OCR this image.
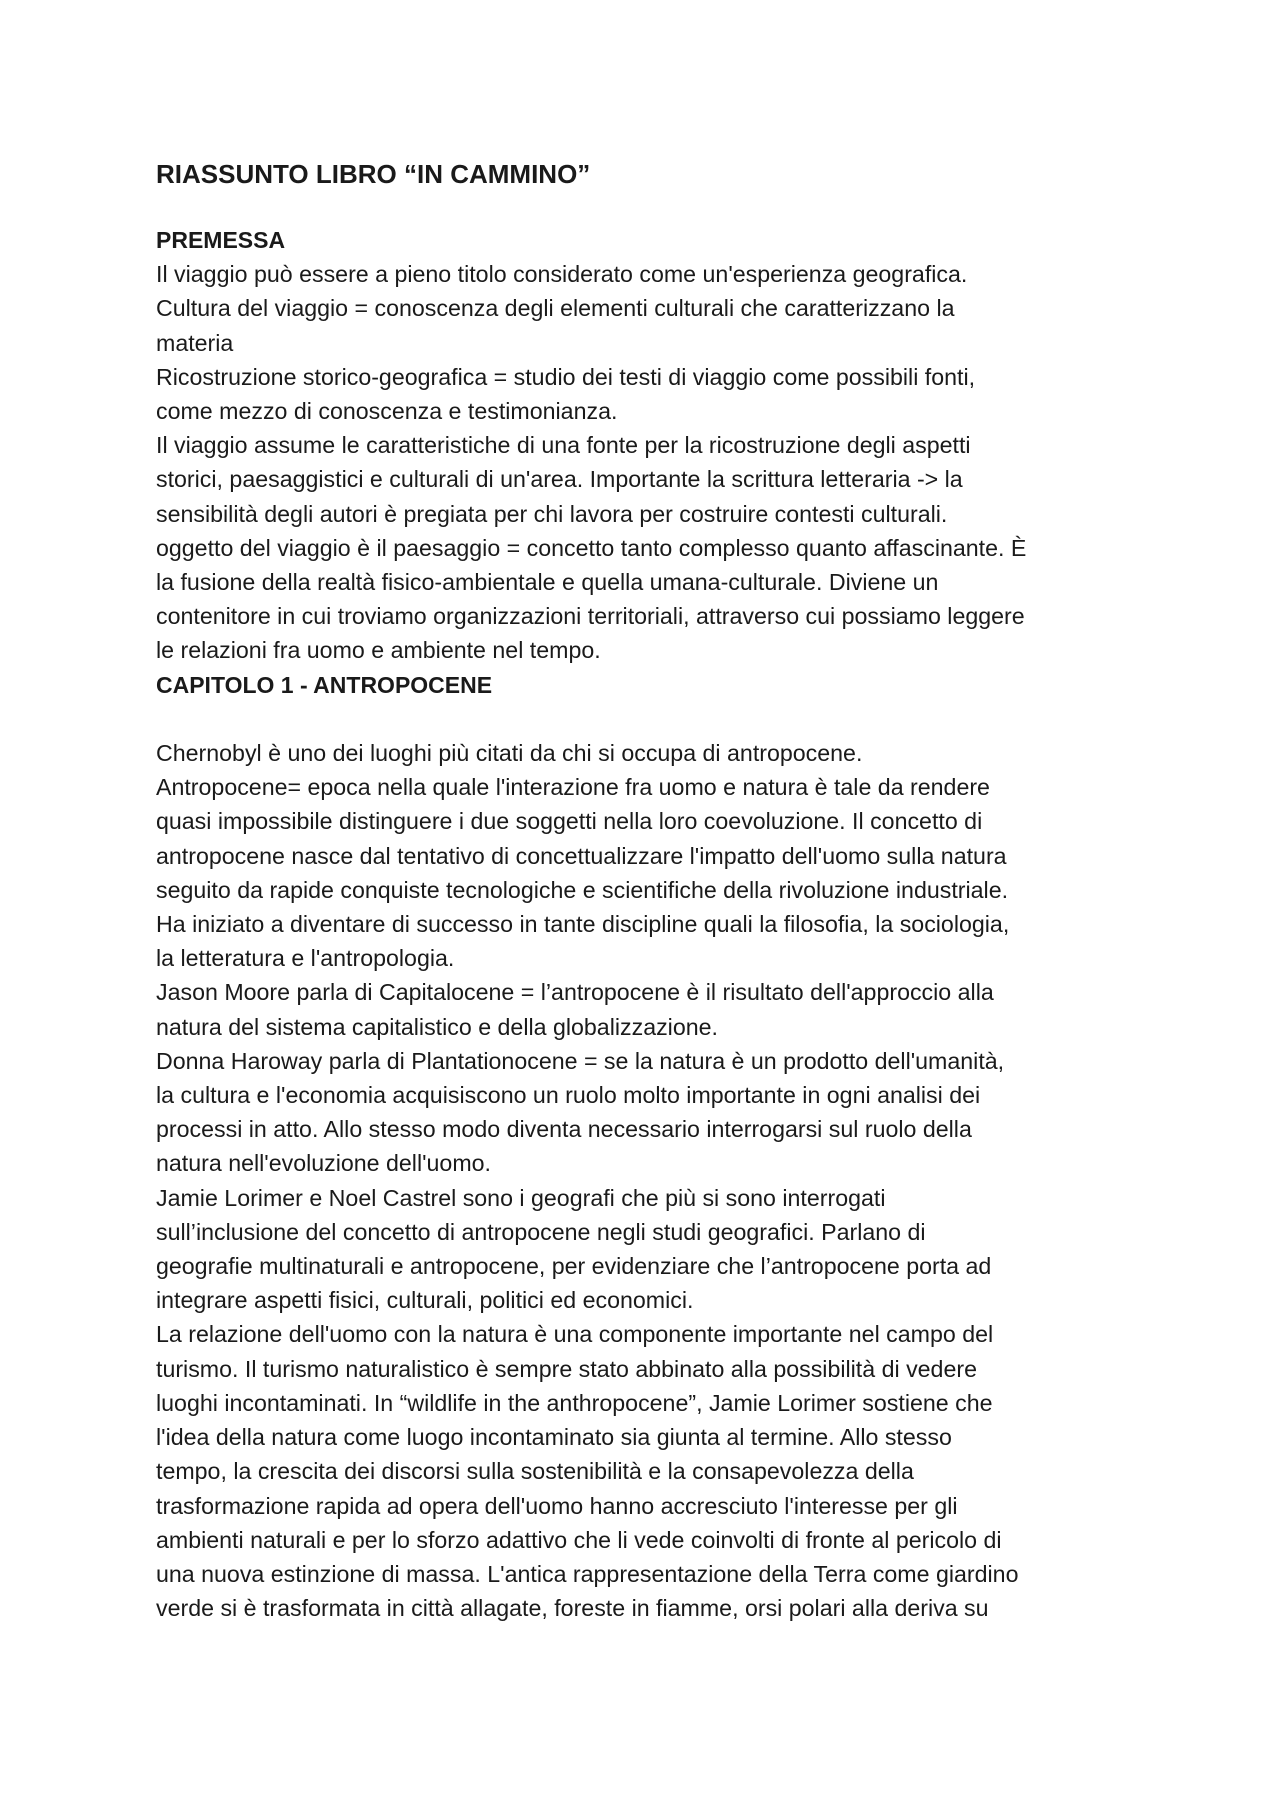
RIASSUNTO LIBRO “IN CAMMINO”

PREMESSA

Il viaggio può essere a pieno titolo considerato come un'esperienza geografica.

Cultura del viaggio = conoscenza degli elementi culturali che caratterizzano la

materia

Ricostruzione storico-geografica = studio dei testi di viaggio come possibili fonti,

come mezzo di conoscenza e testimonianza.

Il viaggio assume le caratteristiche di una fonte per la ricostruzione degli aspetti

storici, paesaggistici e culturali di un'area. Importante la scrittura letteraria -> la

sensibilità degli autori è pregiata per chi lavora per costruire contesti culturali.

oggetto del viaggio è il paesaggio = concetto tanto complesso quanto affascinante. È

la fusione della realtà fisico-ambientale e quella umana-culturale. Diviene un

contenitore in cui troviamo organizzazioni territoriali, attraverso cui possiamo leggere

le relazioni fra uomo e ambiente nel tempo.

CAPITOLO 1 - ANTROPOCENE

Chernobyl è uno dei luoghi più citati da chi si occupa di antropocene.

Antropocene= epoca nella quale l'interazione fra uomo e natura è tale da rendere

quasi impossibile distinguere i due soggetti nella loro coevoluzione. Il concetto di

antropocene nasce dal tentativo di concettualizzare l'impatto dell'uomo sulla natura

seguito da rapide conquiste tecnologiche e scientifiche della rivoluzione industriale.

Ha iniziato a diventare di successo in tante discipline quali la filosofia, la sociologia,

la letteratura e l'antropologia.

Jason Moore parla di Capitalocene = l’antropocene è il risultato dell'approccio alla

natura del sistema capitalistico e della globalizzazione.

Donna Haroway parla di Plantationocene = se la natura è un prodotto dell'umanità,

la cultura e l'economia acquisiscono un ruolo molto importante in ogni analisi dei

processi in atto. Allo stesso modo diventa necessario interrogarsi sul ruolo della

natura nell'evoluzione dell'uomo.

Jamie Lorimer e Noel Castrel sono i geografi che più si sono interrogati

sull’inclusione del concetto di antropocene negli studi geografici. Parlano di

geografie multinaturali e antropocene, per evidenziare che l’antropocene porta ad

integrare aspetti fisici, culturali, politici ed economici.

La relazione dell'uomo con la natura è una componente importante nel campo del

turismo. Il turismo naturalistico è sempre stato abbinato alla possibilità di vedere

luoghi incontaminati. In “wildlife in the anthropocene”, Jamie Lorimer sostiene che

l'idea della natura come luogo incontaminato sia giunta al termine. Allo stesso

tempo, la crescita dei discorsi sulla sostenibilità e la consapevolezza della

trasformazione rapida ad opera dell'uomo hanno accresciuto l'interesse per gli

ambienti naturali e per lo sforzo adattivo che li vede coinvolti di fronte al pericolo di

una nuova estinzione di massa. L'antica rappresentazione della Terra come giardino

verde si è trasformata in città allagate, foreste in fiamme, orsi polari alla deriva su
